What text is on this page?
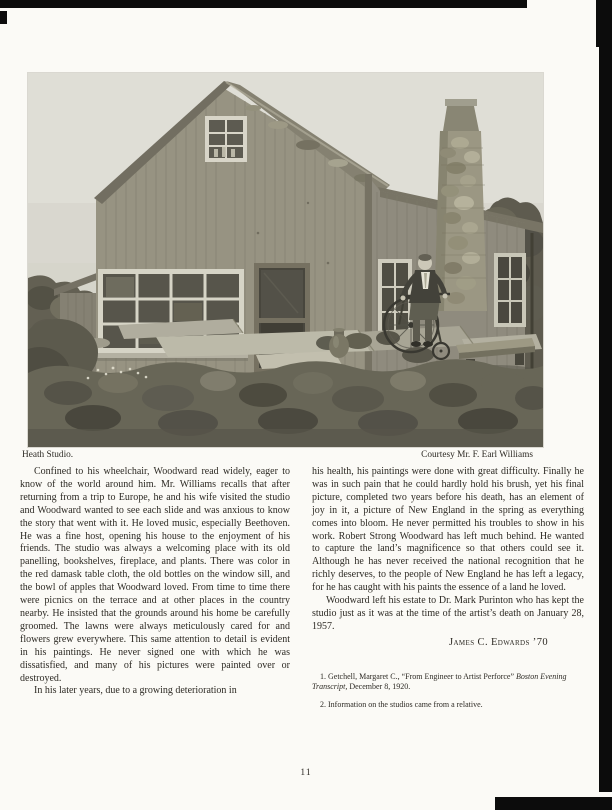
Heath Studio.	Courtesy Mr. F. Earl Williams

Confined to his wheelchair, Woodward read widely, eager to know of the world around him. Mr. Williams recalls that after returning from a trip to Europe, he and his wife visited the studio and Woodward wanted to see each slide and was anxious to know the story that went with it. He loved music, especially Beethoven. He was a fine host, opening his house to the enjoyment of his friends. The studio was always a welcoming place with its old panelling, bookshelves, fireplace, and plants. There was color in the red damask table cloth, the old bottles on the window sill, and the bowl of apples that Woodward loved. From time to time there were picnics on the terrace and at other places in the country nearby. He insisted that the grounds around his home be carefully groomed. The lawns were always meticulously cared for and flowers grew everywhere. This same attention to detail is evident in his paintings. He never signed one with which he was dissatisfied, and many of his pictures were painted over or destroyed.

In his later years, due to a growing deterioration in

his health, his paintings were done with great difficulty. Finally he was in such pain that he could hardly hold his brush, yet his final picture, completed two years before his death, has an element of joy in it, a picture of New England in the spring as everything comes into bloom. He never permitted his troubles to show in his work. Robert Strong Woodward has left much behind. He wanted to capture the land’s magnificence so that others could see it. Although he has never received the national recognition that he richly deserves, to the people of New England he has left a legacy, for he has caught with his paints the essence of a land he loved.

Woodward left his estate to Dr. Mark Purinton who has kept the studio just as it was at the time of the artist’s death on January 28, 1957.

James C. Edwards ’70

1. Getchell, Margaret C., “From Engineer to Artist Perforce” Boston Evening Transcript, December 8, 1920.

2. Information on the studios came from a relative.

11
